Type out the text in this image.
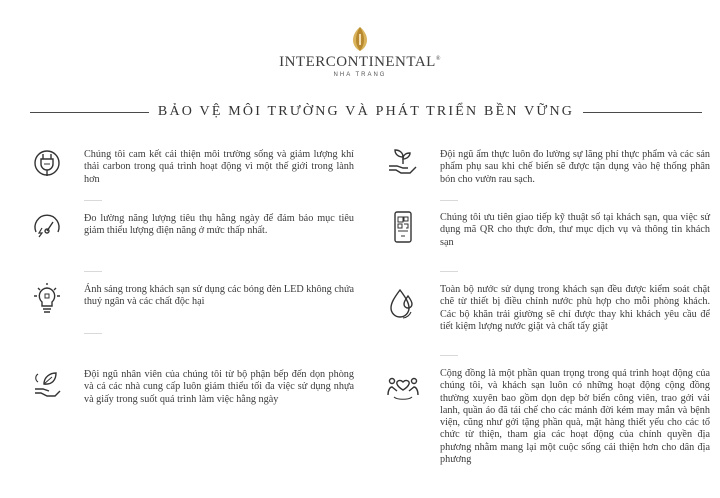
INTERCONTINENTAL®
NHA TRANG
BẢO VỆ MÔI TRƯỜNG VÀ PHÁT TRIỂN BỀN VỮNG
Chúng tôi cam kết cải thiện môi trường sống và giảm lượng khí thải carbon trong quá trình hoạt động vì một thế giới trong lành hơn
Đo lường năng lượng tiêu thụ hằng ngày để đảm bảo mục tiêu giảm thiểu lượng điện năng ở mức thấp nhất.
Ánh sáng trong khách sạn sử dụng các bóng đèn LED không chứa thuỷ ngân và các chất độc hại
Đội ngũ nhân viên của chúng tôi từ bộ phận bếp đến dọn phòng và cả các nhà cung cấp luôn giảm thiểu tối đa việc sử dụng nhựa và giấy trong suốt quá trình làm việc hằng ngày
Đội ngũ ẩm thực luôn đo lường sự lãng phí thực phẩm và các sản phẩm phụ sau khi chế biến sẽ được tận dụng vào hệ thống phân bón cho vườn rau sạch.
Chúng tôi ưu tiên giao tiếp kỹ thuật số tại khách sạn, qua việc sử dụng mã QR cho thực đơn, thư mục dịch vụ và thông tin khách sạn
Toàn bộ nước sử dụng trong khách sạn đều được kiểm soát chặt chẽ từ thiết bị điều chỉnh nước phù hợp cho mỗi phòng khách. Các bộ khăn trải giường sẽ chỉ được thay khi khách yêu cầu để tiết kiệm lượng nước giặt và chất tẩy giặt
Cộng đồng là một phần quan trọng trong quá trình hoạt động của chúng tôi, và khách sạn luôn có những hoạt động cộng đồng thường xuyên bao gồm dọn dẹp bờ biển công viên, trao gởi vải lanh, quần áo đã tái chế cho các mảnh đời kém may mắn và bệnh viện, cũng như gởi tặng phần quà, mặt hàng thiết yếu cho các tổ chức từ thiện, tham gia các hoạt động của chính quyền địa phương nhằm mang lại một cuộc sống cải thiện hơn cho dân địa phương
